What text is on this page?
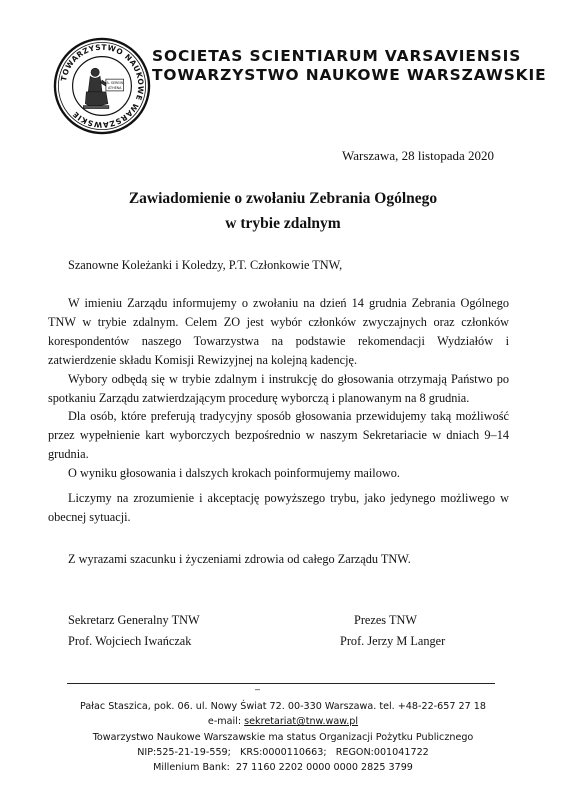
TOWARZYSTWO NAUKOWE WARSZAWSKIE
A. SEREIN
ATHENA
SOCIETAS SCIENTIARUM VARSAVIENSIS
TOWARZYSTWO NAUKOWE WARSZAWSKIE
Warszawa, 28 listopada 2020
Zawiadomienie o zwołaniu Zebrania Ogólnego
w trybie zdalnym
Szanowne Koleżanki i Koledzy, P.T. Członkowie TNW,

W imieniu Zarządu informujemy o zwołaniu na dzień 14 grudnia Zebrania Ogólnego TNW w trybie zdalnym. Celem ZO jest wybór członków zwyczajnych oraz członków korespondentów naszego Towarzystwa na podstawie rekomendacji Wydziałów i zatwierdzenie składu Komisji Rewizyjnej na kolejną kadencję.

Wybory odbędą się w trybie zdalnym i instrukcję do głosowania otrzymają Państwo po spotkaniu Zarządu zatwierdzającym procedurę wyborczą i planowanym na 8 grudnia.

Dla osób, które preferują tradycyjny sposób głosowania przewidujemy taką możliwość przez wypełnienie kart wyborczych bezpośrednio w naszym Sekretariacie w dniach 9–14 grudnia.

O wyniku głosowania i dalszych krokach poinformujemy mailowo.

Liczymy na zrozumienie i akceptację powyższego trybu, jako jedynego możliwego w obecnej sytuacji.
Z wyrazami szacunku i życzeniami zdrowia od całego Zarządu TNW.
Sekretarz Generalny TNW
Prof. Wojciech Iwańczak
Prezes TNW
Prof. Jerzy M Langer
–
Pałac Staszica, pok. 06. ul. Nowy Świat 72. 00-330 Warszawa. tel. +48-22-657 27 18
e-mail: sekretariat@tnw.waw.pl
Towarzystwo Naukowe Warszawskie ma status Organizacji Pożytku Publicznego
NIP:525-21-19-559;   KRS:0000110663;   REGON:001041722
Millenium Bank:  27 1160 2202 0000 0000 2825 3799
